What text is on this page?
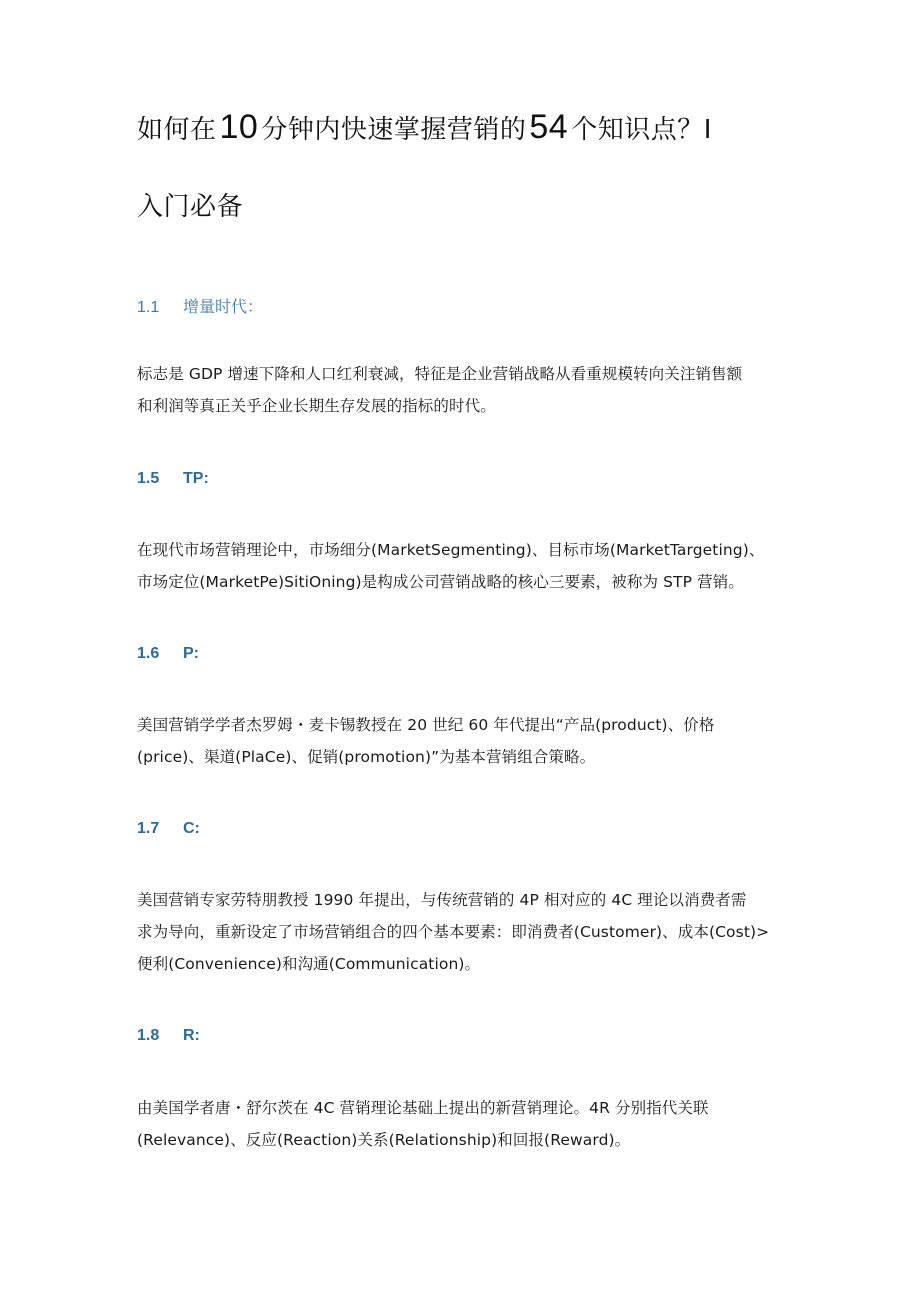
如何在10 分钟内快速掌握营销的54 个知识点？I
入门必备
1.1 增量时代：
标志是 GDP 增速下降和人口红利衰减，特征是企业营销战略从看重规模转向关注销售额
和利润等真正关乎企业长期生存发展的指标的时代。
1.5 TP:
在现代市场营销理论中，市场细分(MarketSegmenting)、目标市场(MarketTargeting)、
市场定位(MarketPe)SitiOning)是构成公司营销战略的核心三要素，被称为 STP 营销。
1.6 P:
美国营销学学者杰罗姆・麦卡锡教授在 20 世纪 60 年代提出“产品(product)、价格
(price)、渠道(PlaCe)、促销(promotion)”为基本营销组合策略。
1.7 C:
美国营销专家劳特朋教授 1990 年提出，与传统营销的 4P 相对应的 4C 理论以消费者需
求为导向，重新设定了市场营销组合的四个基本要素：即消费者(Customer)、成本(Cost)>
便利(Convenience)和沟通(Communication)。
1.8 R:
由美国学者唐・舒尔茨在 4C 营销理论基础上提出的新营销理论。4R 分别指代关联
(Relevance)、反应(Reaction)关系(Relationship)和回报(Reward)。
